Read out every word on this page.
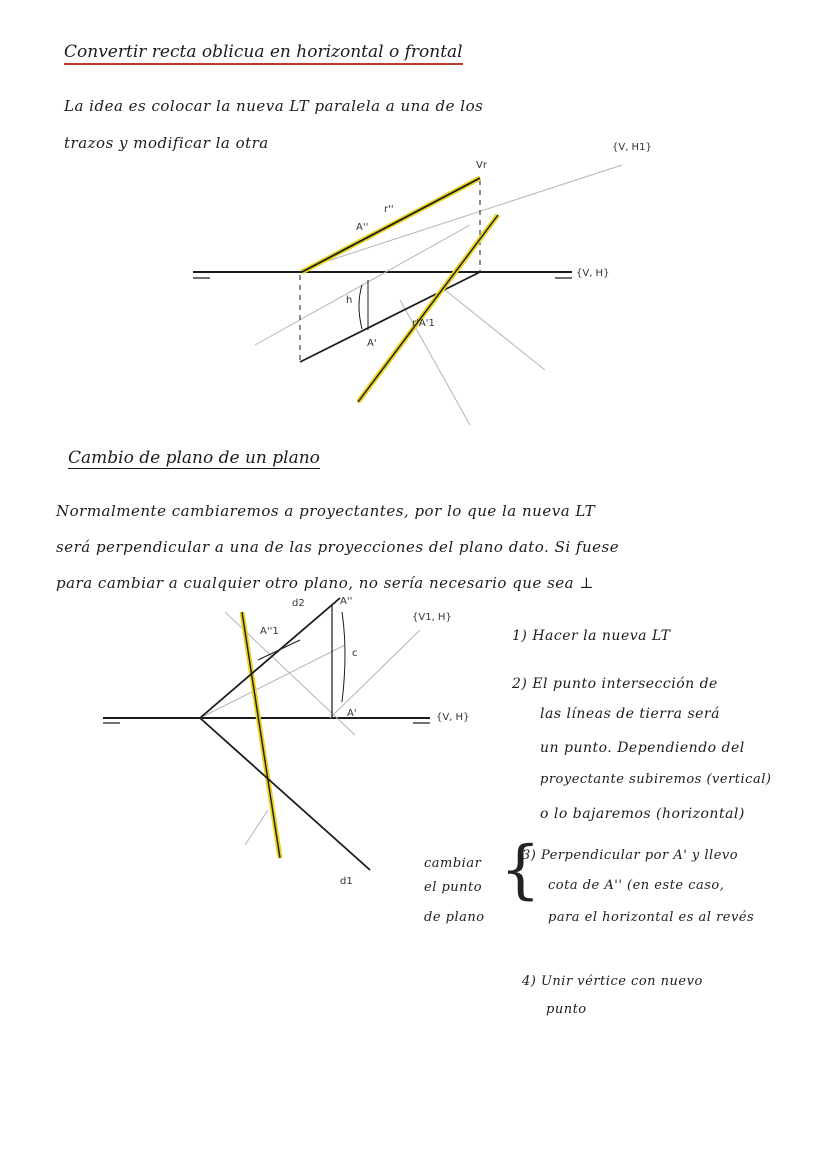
Convertir recta oblicua en horizontal o frontal
La idea es colocar la nueva LT paralela a una de los
trazos y modificar la otra
Vr
A''
r''
h
A'
r'A'1
{V, H1}
{V, H}
Cambio de plano de un plano
Normalmente cambiaremos a proyectantes, por lo que la nueva LT
será perpendicular a una de las proyecciones del plano dato. Si fuese
para cambiar a cualquier otro plano, no sería necesario que sea ⊥
d2	A''
A''1
c
A'
d1
{V1, H}
{V, H}
1) Hacer la nueva LT
2) El punto intersección de
las líneas de tierra será
un punto. Dependiendo del
proyectante subiremos (vertical)
o lo bajaremos (horizontal)
cambiar
el punto
de plano
{
3) Perpendicular por A' y llevo
cota de A'' (en este caso,
para el horizontal es al revés
4) Unir vértice con nuevo
punto
